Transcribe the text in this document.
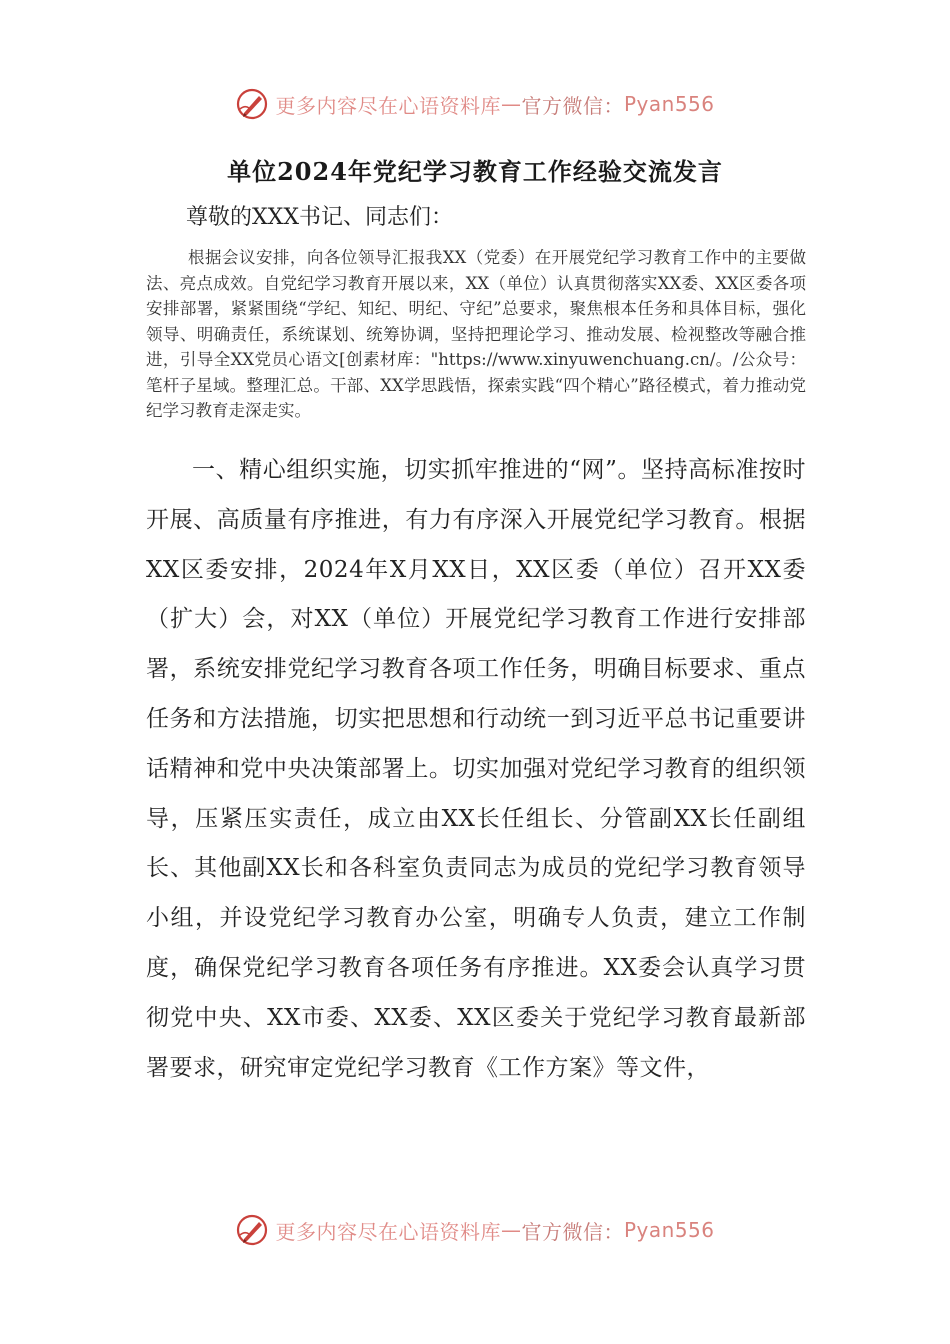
更多内容尽在心语资料库 — 官方微信： Pyan556
单位2024年党纪学习教育工作经验交流发言
尊敬的XXX书记、同志们：

根据会议安排，向各位领导汇报我XX（党委）在开展党纪学习教育工作中的主要做法、亮点成效。自党纪学习教育开展以来，XX（单位）认真贯彻落实XX委、XX区委各项安排部署，紧紧围绕“学纪、知纪、明纪、守纪”总要求，聚焦根本任务和具体目标，强化领导、明确责任，系统谋划、统筹协调，坚持把理论学习、推动发展、检视整改等融合推进，引导全XX党员心语文[创素材库："https://www.xinyuwenchuang.cn/。/公众号：笔杆子星域。整理汇总。干部、XX学思践悟，探索实践“四个精心”路径模式，着力推动党纪学习教育走深走实。

一、精心组织实施，切实抓牢推进的“网”。坚持高标准按时开展、高质量有序推进，有力有序深入开展党纪学习教育。根据XX区委安排，2024年X月XX日，XX区委（单位）召开XX委（扩大）会，对XX（单位）开展党纪学习教育工作进行安排部署，系统安排党纪学习教育各项工作任务，明确目标要求、重点任务和方法措施，切实把思想和行动统一到习近平总书记重要讲话精神和党中央决策部署上。切实加强对党纪学习教育的组织领导，压紧压实责任，成立由XX长任组长、分管副XX长任副组长、其他副XX长和各科室负责同志为成员的党纪学习教育领导小组，并设党纪学习教育办公室，明确专人负责，建立工作制度，确保党纪学习教育各项任务有序推进。XX委会认真学习贯彻党中央、XX市委、XX委、XX区委关于党纪学习教育最新部署要求，研究审定党纪学习教育《工作方案》等文件，

更多内容尽在心语资料库 — 官方微信： Pyan556
